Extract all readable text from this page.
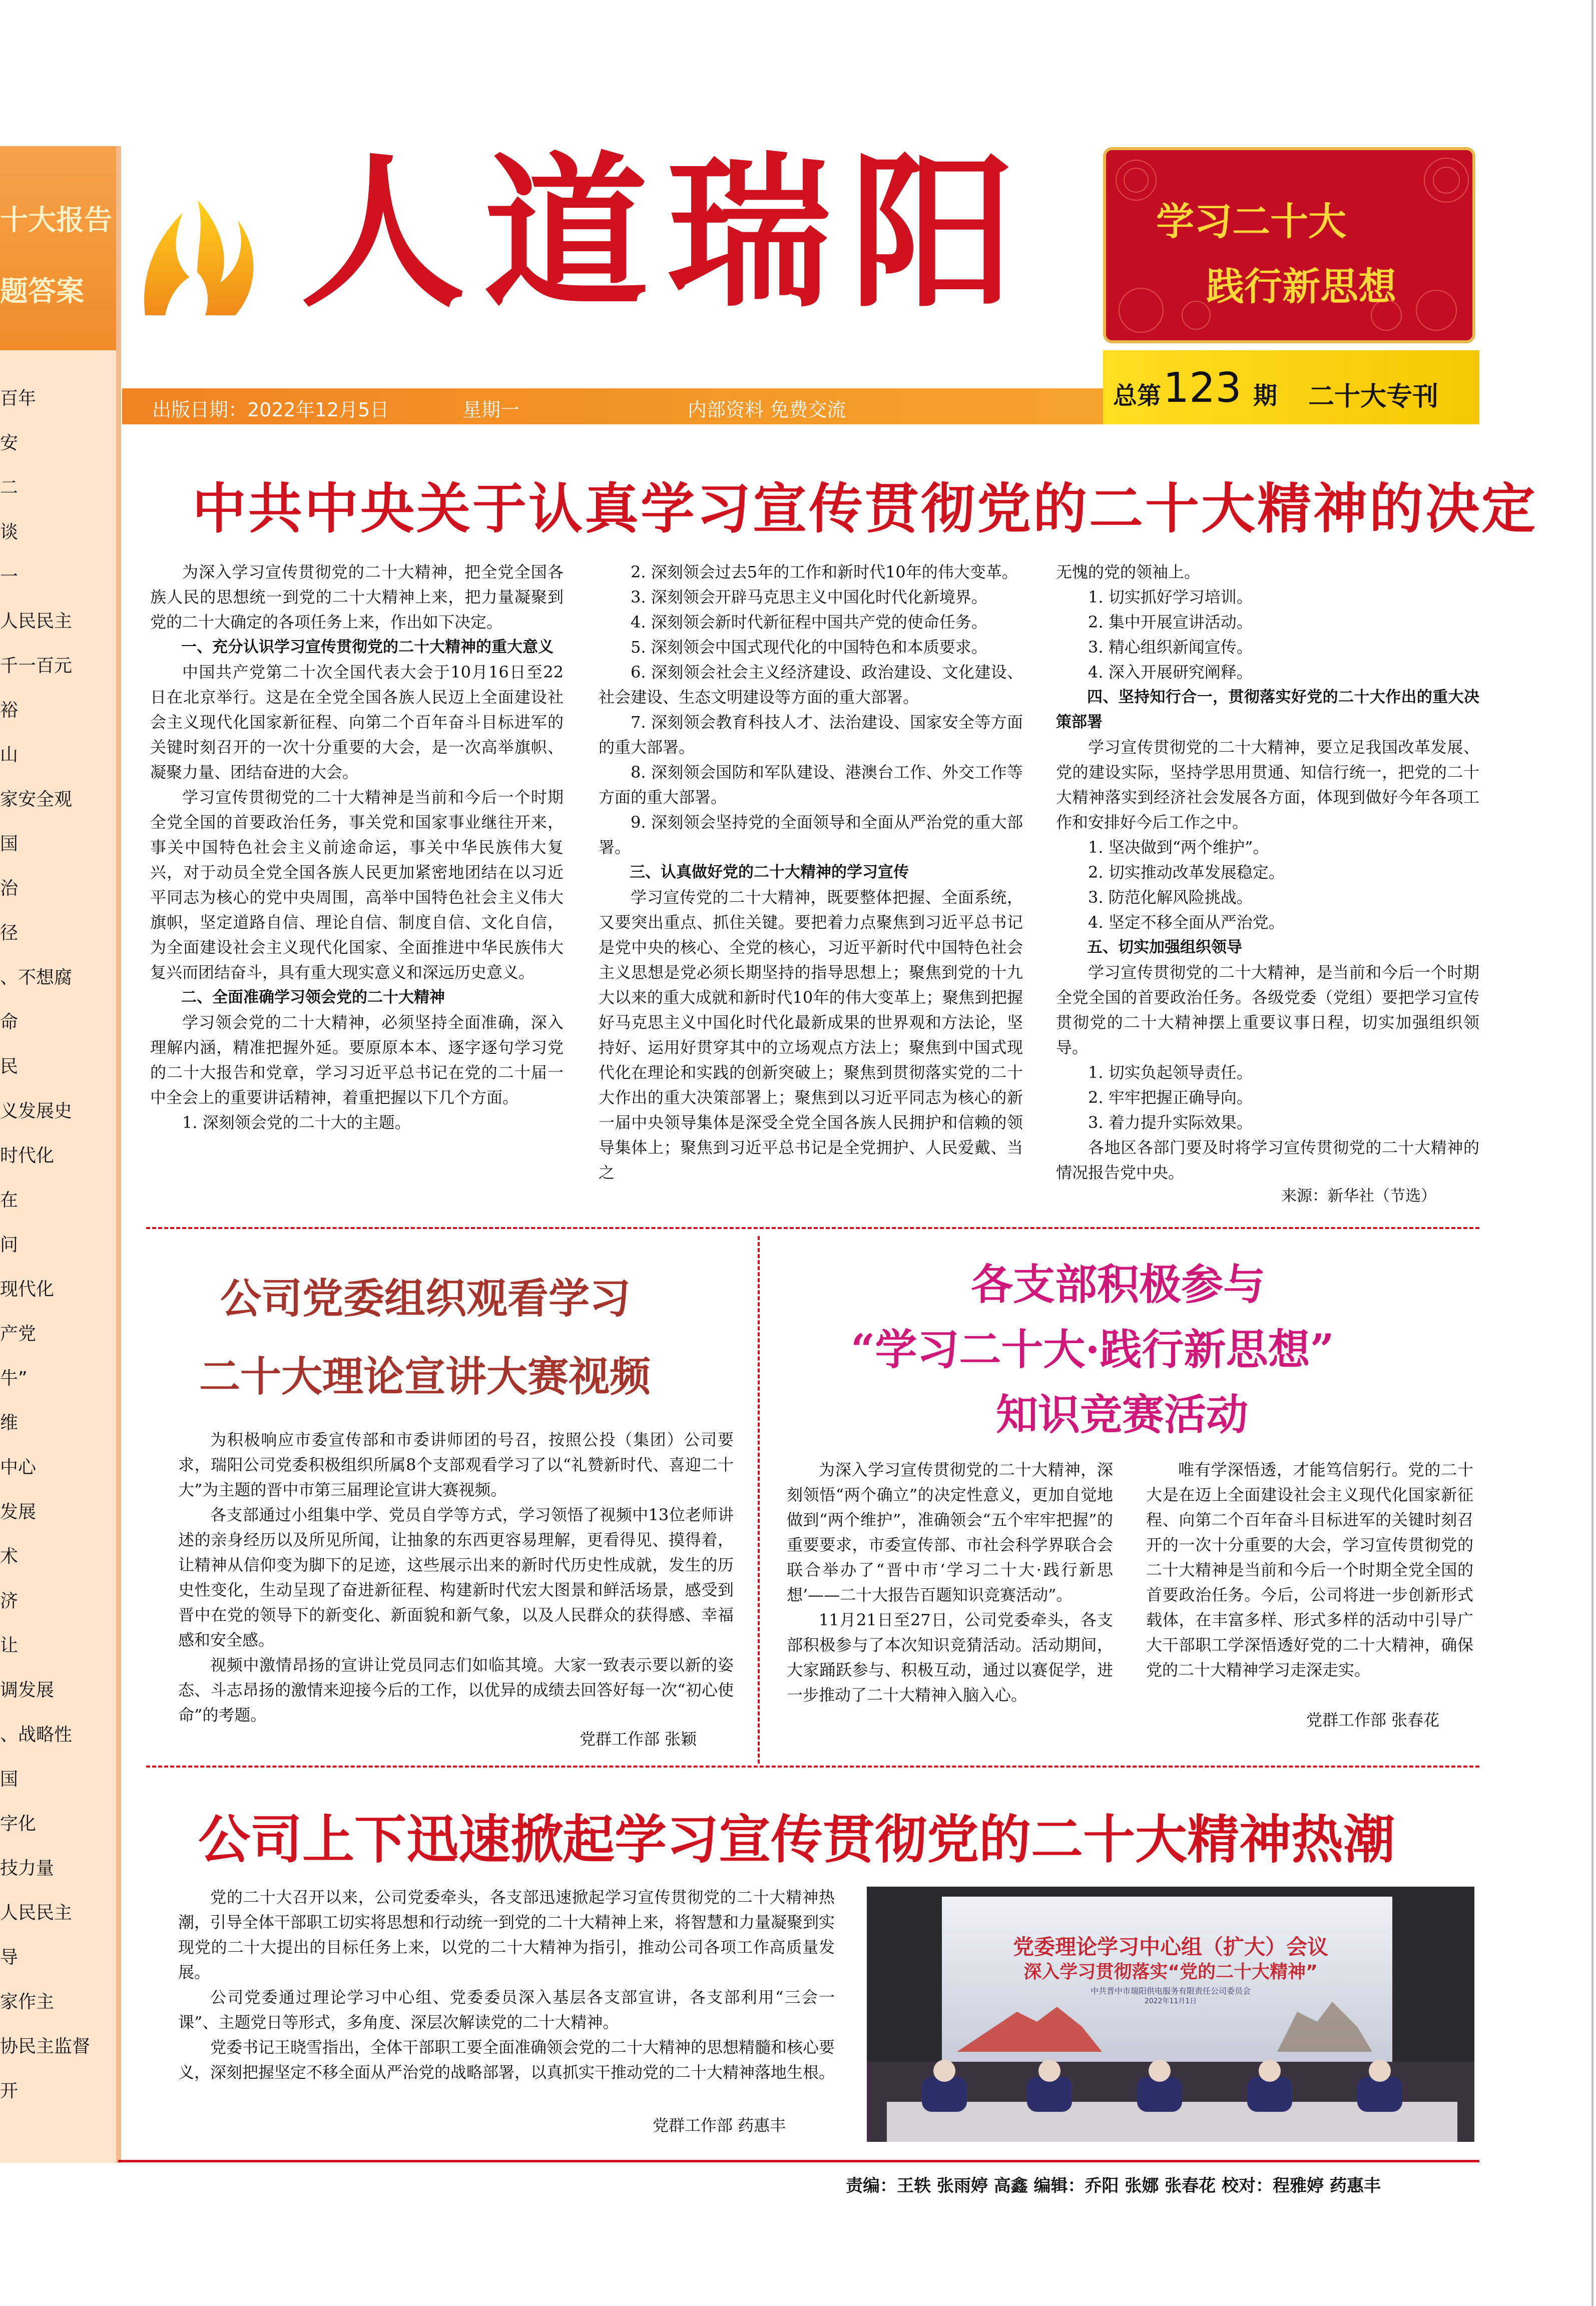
十大报告
题答案
百年
安
二
谈
一
人民民主
千一百元
裕
山
家安全观
国
治
径
、不想腐
命
民
义发展史
时代化
在
问
现代化
产党
牛”
维
中心
发展
术
济
让
调发展
、战略性
国
字化
技力量
人民民主
导
家作主
协民主监督
开
人道瑞阳	学习二十大
践行新思想
出版日期：2022年12月5日	星期一	内部资料 免费交流	总第 123 期 二十大专刊
中共中央关于认真学习宣传贯彻党的二十大精神的决定

为深入学习宣传贯彻党的二十大精神，把全党全国各族人民的思想统一到党的二十大精神上来，把力量凝聚到党的二十大确定的各项任务上来，作出如下决定。

一、充分认识学习宣传贯彻党的二十大精神的重大意义

中国共产党第二十次全国代表大会于10月16日至22日在北京举行。这是在全党全国各族人民迈上全面建设社会主义现代化国家新征程、向第二个百年奋斗目标进军的关键时刻召开的一次十分重要的大会，是一次高举旗帜、凝聚力量、团结奋进的大会。

学习宣传贯彻党的二十大精神是当前和今后一个时期全党全国的首要政治任务，事关党和国家事业继往开来，事关中国特色社会主义前途命运，事关中华民族伟大复兴，对于动员全党全国各族人民更加紧密地团结在以习近平同志为核心的党中央周围，高举中国特色社会主义伟大旗帜，坚定道路自信、理论自信、制度自信、文化自信，为全面建设社会主义现代化国家、全面推进中华民族伟大复兴而团结奋斗，具有重大现实意义和深远历史意义。

二、全面准确学习领会党的二十大精神

学习领会党的二十大精神，必须坚持全面准确，深入理解内涵，精准把握外延。要原原本本、逐字逐句学习党的二十大报告和党章，学习习近平总书记在党的二十届一中全会上的重要讲话精神，着重把握以下几个方面。

1. 深刻领会党的二十大的主题。

2. 深刻领会过去5年的工作和新时代10年的伟大变革。

3. 深刻领会开辟马克思主义中国化时代化新境界。

4. 深刻领会新时代新征程中国共产党的使命任务。

5. 深刻领会中国式现代化的中国特色和本质要求。

6. 深刻领会社会主义经济建设、政治建设、文化建设、社会建设、生态文明建设等方面的重大部署。

7. 深刻领会教育科技人才、法治建设、国家安全等方面的重大部署。

8. 深刻领会国防和军队建设、港澳台工作、外交工作等方面的重大部署。

9. 深刻领会坚持党的全面领导和全面从严治党的重大部署。

三、认真做好党的二十大精神的学习宣传

学习宣传党的二十大精神，既要整体把握、全面系统，又要突出重点、抓住关键。要把着力点聚焦到习近平总书记是党中央的核心、全党的核心，习近平新时代中国特色社会主义思想是党必须长期坚持的指导思想上；聚焦到党的十九大以来的重大成就和新时代10年的伟大变革上；聚焦到把握好马克思主义中国化时代化最新成果的世界观和方法论，坚持好、运用好贯穿其中的立场观点方法上；聚焦到中国式现代化在理论和实践的创新突破上；聚焦到贯彻落实党的二十大作出的重大决策部署上；聚焦到以习近平同志为核心的新一届中央领导集体是深受全党全国各族人民拥护和信赖的领导集体上；聚焦到习近平总书记是全党拥护、人民爱戴、当之

无愧的党的领袖上。

1. 切实抓好学习培训。

2. 集中开展宣讲活动。

3. 精心组织新闻宣传。

4. 深入开展研究阐释。

四、坚持知行合一，贯彻落实好党的二十大作出的重大决策部署

学习宣传贯彻党的二十大精神，要立足我国改革发展、党的建设实际，坚持学思用贯通、知信行统一，把党的二十大精神落实到经济社会发展各方面，体现到做好今年各项工作和安排好今后工作之中。

1. 坚决做到“两个维护”。

2. 切实推动改革发展稳定。

3. 防范化解风险挑战。

4. 坚定不移全面从严治党。

五、切实加强组织领导

学习宣传贯彻党的二十大精神，是当前和今后一个时期全党全国的首要政治任务。各级党委（党组）要把学习宣传贯彻党的二十大精神摆上重要议事日程，切实加强组织领导。

1. 切实负起领导责任。

2. 牢牢把握正确导向。

3. 着力提升实际效果。

各地区各部门要及时将学习宣传贯彻党的二十大精神的情况报告党中央。

来源：新华社（节选）
公司党委组织观看学习
二十大理论宣讲大赛视频

为积极响应市委宣传部和市委讲师团的号召，按照公投（集团）公司要求，瑞阳公司党委积极组织所属8个支部观看学习了以“礼赞新时代、喜迎二十大”为主题的晋中市第三届理论宣讲大赛视频。

各支部通过小组集中学、党员自学等方式，学习领悟了视频中13位老师讲述的亲身经历以及所见所闻，让抽象的东西更容易理解，更看得见、摸得着，让精神从信仰变为脚下的足迹，这些展示出来的新时代历史性成就，发生的历史性变化，生动呈现了奋进新征程、构建新时代宏大图景和鲜活场景，感受到晋中在党的领导下的新变化、新面貌和新气象，以及人民群众的获得感、幸福感和安全感。

视频中激情昂扬的宣讲让党员同志们如临其境。大家一致表示要以新的姿态、斗志昂扬的激情来迎接今后的工作，以优异的成绩去回答好每一次“初心使命”的考题。

党群工作部 张颖
各支部积极参与
“学习二十大·践行新思想”
知识竞赛活动

为深入学习宣传贯彻党的二十大精神，深刻领悟“两个确立”的决定性意义，更加自觉地做到“两个维护”，准确领会“五个牢牢把握”的重要要求，市委宣传部、市社会科学界联合会联合举办了“晋中市‘学习二十大·践行新思想’——二十大报告百题知识竞赛活动”。

11月21日至27日，公司党委牵头，各支部积极参与了本次知识竞猜活动。活动期间，大家踊跃参与、积极互动，通过以赛促学，进一步推动了二十大精神入脑入心。

唯有学深悟透，才能笃信躬行。党的二十大是在迈上全面建设社会主义现代化国家新征程、向第二个百年奋斗目标进军的关键时刻召开的一次十分重要的大会，学习宣传贯彻党的二十大精神是当前和今后一个时期全党全国的首要政治任务。今后，公司将进一步创新形式载体，在丰富多样、形式多样的活动中引导广大干部职工学深悟透好党的二十大精神，确保党的二十大精神学习走深走实。

党群工作部 张春花
公司上下迅速掀起学习宣传贯彻党的二十大精神热潮

党的二十大召开以来，公司党委牵头，各支部迅速掀起学习宣传贯彻党的二十大精神热潮，引导全体干部职工切实将思想和行动统一到党的二十大精神上来，将智慧和力量凝聚到实现党的二十大提出的目标任务上来，以党的二十大精神为指引，推动公司各项工作高质量发展。

公司党委通过理论学习中心组、党委委员深入基层各支部宣讲，各支部利用“三会一课”、主题党日等形式，多角度、深层次解读党的二十大精神。

党委书记王晓雪指出，全体干部职工要全面准确领会党的二十大精神的思想精髓和核心要义，深刻把握坚定不移全面从严治党的战略部署，以真抓实干推动党的二十大精神落地生根。

党群工作部 药惠丰
党委理论学习中心组（扩大）会议
深入学习贯彻落实“党的二十大精神”
中共晋中市瑞阳供电服务有限责任公司委员会
2022年11月1日
责编：王轶 张雨婷 高鑫 编辑：乔阳 张娜 张春花 校对：程雅婷 药惠丰
